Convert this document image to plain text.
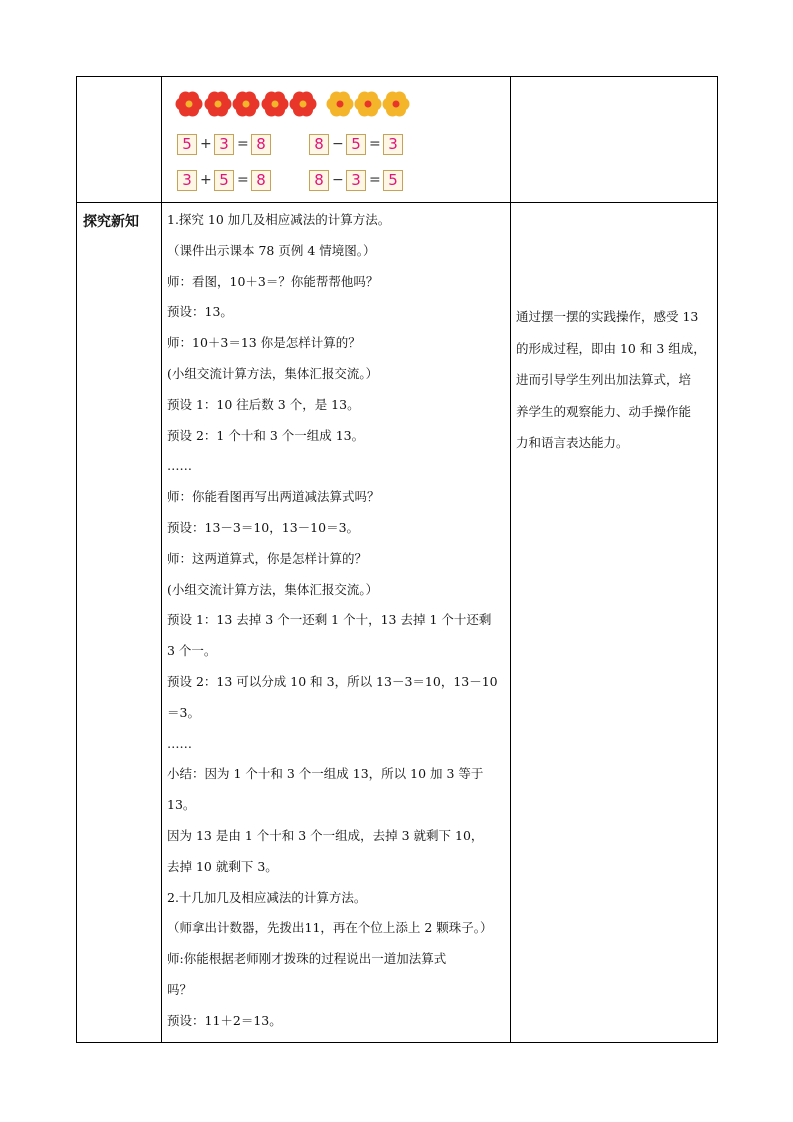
5 + 3 = 8	8 − 5 = 3
3 + 5 = 8	8 − 3 = 5
探究新知 1.探究 10 加几及相应减法的计算方法。
（课件出示课本 78 页例 4 情境图。）
师：看图，10＋3＝？你能帮帮他吗？
预设：13。
师：10＋3＝13 你是怎样计算的？
(小组交流计算方法，集体汇报交流。）
预设 1：10 往后数 3 个，是 13。
预设 2：1 个十和 3 个一组成 13。
……
师：你能看图再写出两道减法算式吗？
预设：13－3＝10，13－10＝3。
师：这两道算式，你是怎样计算的？
(小组交流计算方法，集体汇报交流。）
预设 1：13 去掉 3 个一还剩 1 个十，13 去掉 1 个十还剩
3 个一。
预设 2：13 可以分成 10 和 3，所以 13－3＝10，13－10
＝3。
……
小结：因为 1 个十和 3 个一组成 13，所以 10 加 3 等于
13。
因为 13 是由 1 个十和 3 个一组成，去掉 3 就剩下 10，
去掉 10 就剩下 3。
2.十几加几及相应减法的计算方法。
（师拿出计数器，先拨出11，再在个位上添上 2 颗珠子。）
师:你能根据老师刚才拨珠的过程说出一道加法算式
吗？
预设：11＋2＝13。
通过摆一摆的实践操作，感受 13
的形成过程，即由 10 和 3 组成，
进而引导学生列出加法算式，培
养学生的观察能力、动手操作能
力和语言表达能力。
